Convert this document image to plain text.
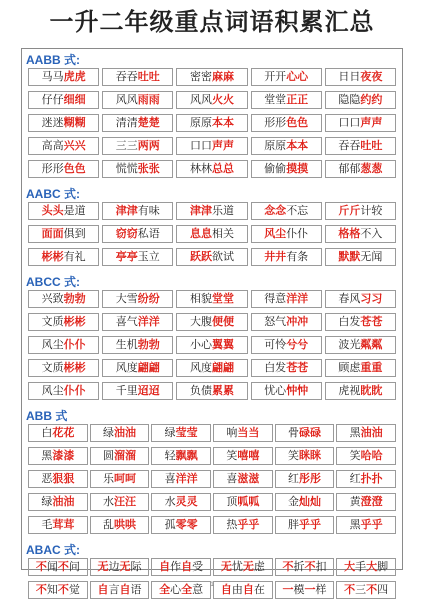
一升二年级重点词语积累汇总
AABB 式:
马马虎虎	吞吞吐吐	密密麻麻	开开心心	日日夜夜
仔仔细细	风风雨雨	风风火火	堂堂正正	隐隐约约
迷迷糊糊	清清楚楚	原原本本	形形色色	口口声声
高高兴兴	三三两两	口口声声	原原本本	吞吞吐吐
形形色色	慌慌张张	林林总总	偷偷摸摸	郁郁葱葱
AABC 式:
头头是道	津津有味	津津乐道	念念不忘	斤斤计较
面面俱到	窃窃私语	息息相关	风尘仆仆	格格不入
彬彬有礼	亭亭玉立	跃跃欲试	井井有条	默默无闻
ABCC 式:
兴致勃勃	大雪纷纷	相貌堂堂	得意洋洋	春风习习
文质彬彬	喜气洋洋	大腹便便	怒气冲冲	白发苍苍
风尘仆仆	生机勃勃	小心翼翼	可怜兮兮	波光粼粼
文质彬彬	风度翩翩	风度翩翩	白发苍苍	顾虑重重
风尘仆仆	千里迢迢	负债累累	忧心忡忡	虎视眈眈
ABB 式
白花花	绿油油	绿莹莹	响当当	骨碌碌	黑油油
黑漆漆	圆溜溜	轻飘飘	笑嘻嘻	笑眯眯	笑哈哈
恶狠狠	乐呵呵	喜洋洋	喜滋滋	红彤彤	红扑扑
绿油油	水汪汪	水灵灵	顶呱呱	金灿灿	黄澄澄
毛茸茸	乱哄哄	孤零零	热乎乎	胖乎乎	黑乎乎
ABAC 式:
不闻不问	无边无际	自作自受	无忧无虑	不折不扣	大手大脚
不知不觉	自言自语	全心全意	自由自在	一模一样	不三不四
1
